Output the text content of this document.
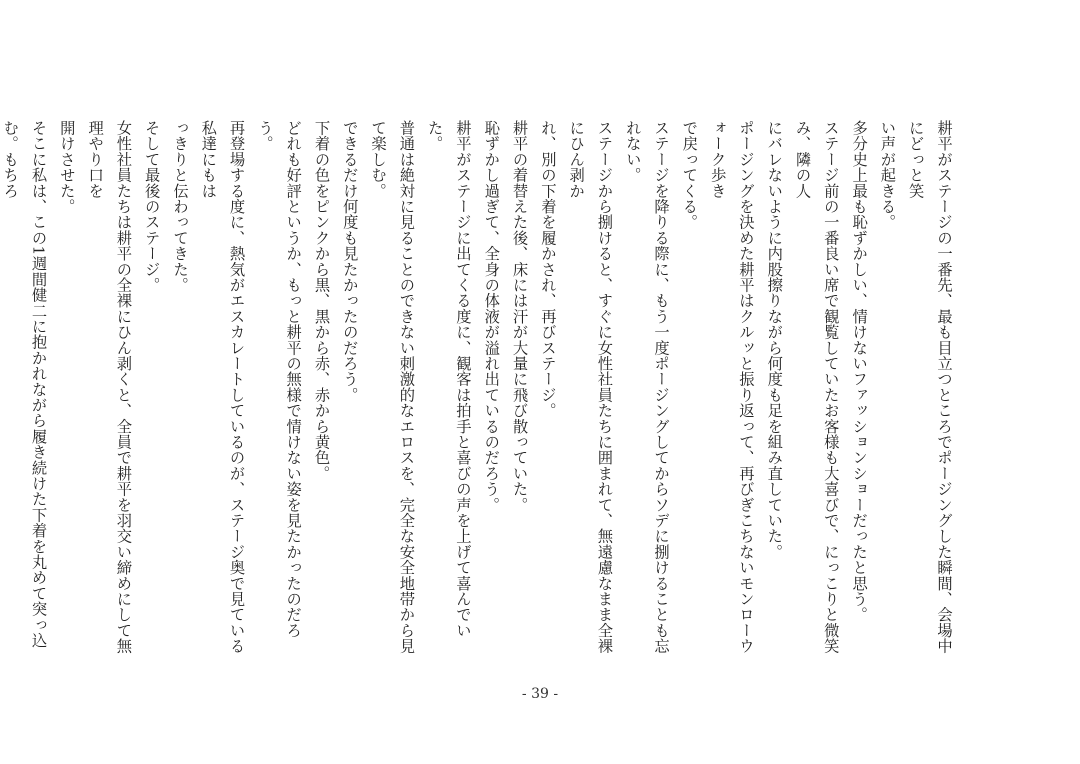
耕平がステージの一番先、最も目立つところでポージングした瞬間、会場中にどっと笑

い声が起きる。

多分史上最も恥ずかしい、情けないファッションショーだったと思う。

ステージ前の一番良い席で観覧していたお客様も大喜びで、にっこりと微笑み、隣の人

にバレないように内股擦りながら何度も足を組み直していた。

ポージングを決めた耕平はクルッと振り返って、再びぎこちないモンローウォーク歩き

で戻ってくる。

ステージを降りる際に、もう一度ポージングしてからソデに捌けることも忘れない。

ステージから捌けると、すぐに女性社員たちに囲まれて、無遠慮なまま全裸にひん剥か

れ、別の下着を履かされ、再びステージ。

耕平の着替えた後、床には汗が大量に飛び散っていた。

恥ずかし過ぎて、全身の体液が溢れ出ているのだろう。

耕平がステージに出てくる度に、観客は拍手と喜びの声を上げて喜んでいた。

普通は絶対に見ることのできない刺激的なエロスを、完全な安全地帯から見て楽しむ。

できるだけ何度も見たかったのだろう。

下着の色をピンクから黒、黒から赤、赤から黄色。

どれも好評というか、もっと耕平の無様で情けない姿を見たかったのだろう。

再登場する度に、熱気がエスカレートしているのが、ステージ奥で見ている私達にもは

っきりと伝わってきた。

そして最後のステージ。

女性社員たちは耕平の全裸にひん剥くと、全員で耕平を羽交い締めにして無理やり口を

開けさせた。

そこに私は、この1週間健二に抱かれながら履き続けた下着を丸めて突っ込む。もちろ

- 39 -
